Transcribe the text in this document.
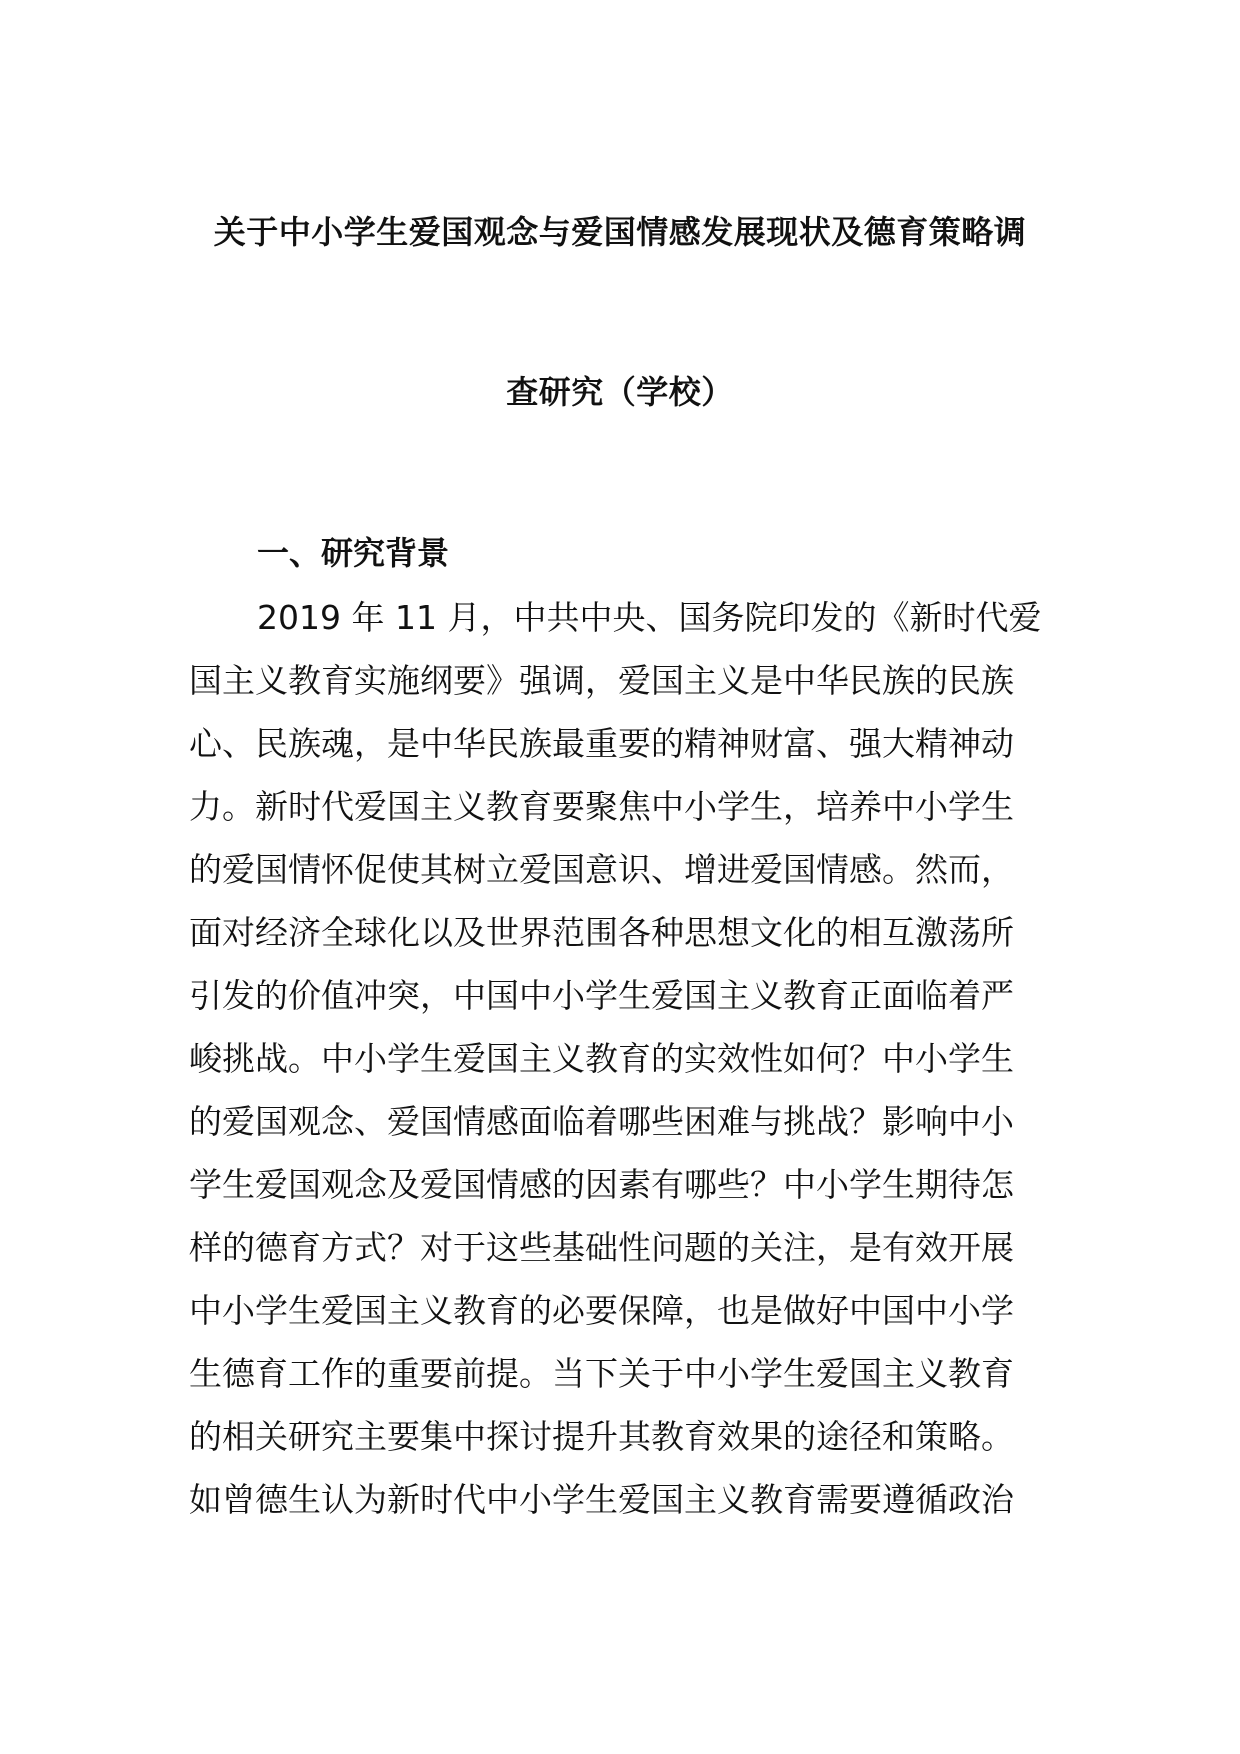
关于中小学生爱国观念与爱国情感发展现状及德育策略调
查研究（学校）
一、研究背景
2019 年 11 月，中共中央、国务院印发的《新时代爱
国主义教育实施纲要》强调，爱国主义是中华民族的民族
心、民族魂，是中华民族最重要的精神财富、强大精神动
力。新时代爱国主义教育要聚焦中小学生，培养中小学生
的爱国情怀促使其树立爱国意识、增进爱国情感。然而，
面对经济全球化以及世界范围各种思想文化的相互激荡所
引发的价值冲突，中国中小学生爱国主义教育正面临着严
峻挑战。中小学生爱国主义教育的实效性如何？中小学生
的爱国观念、爱国情感面临着哪些困难与挑战？影响中小
学生爱国观念及爱国情感的因素有哪些？中小学生期待怎
样的德育方式？对于这些基础性问题的关注，是有效开展
中小学生爱国主义教育的必要保障，也是做好中国中小学
生德育工作的重要前提。当下关于中小学生爱国主义教育
的相关研究主要集中探讨提升其教育效果的途径和策略。
如曾德生认为新时代中小学生爱国主义教育需要遵循政治
